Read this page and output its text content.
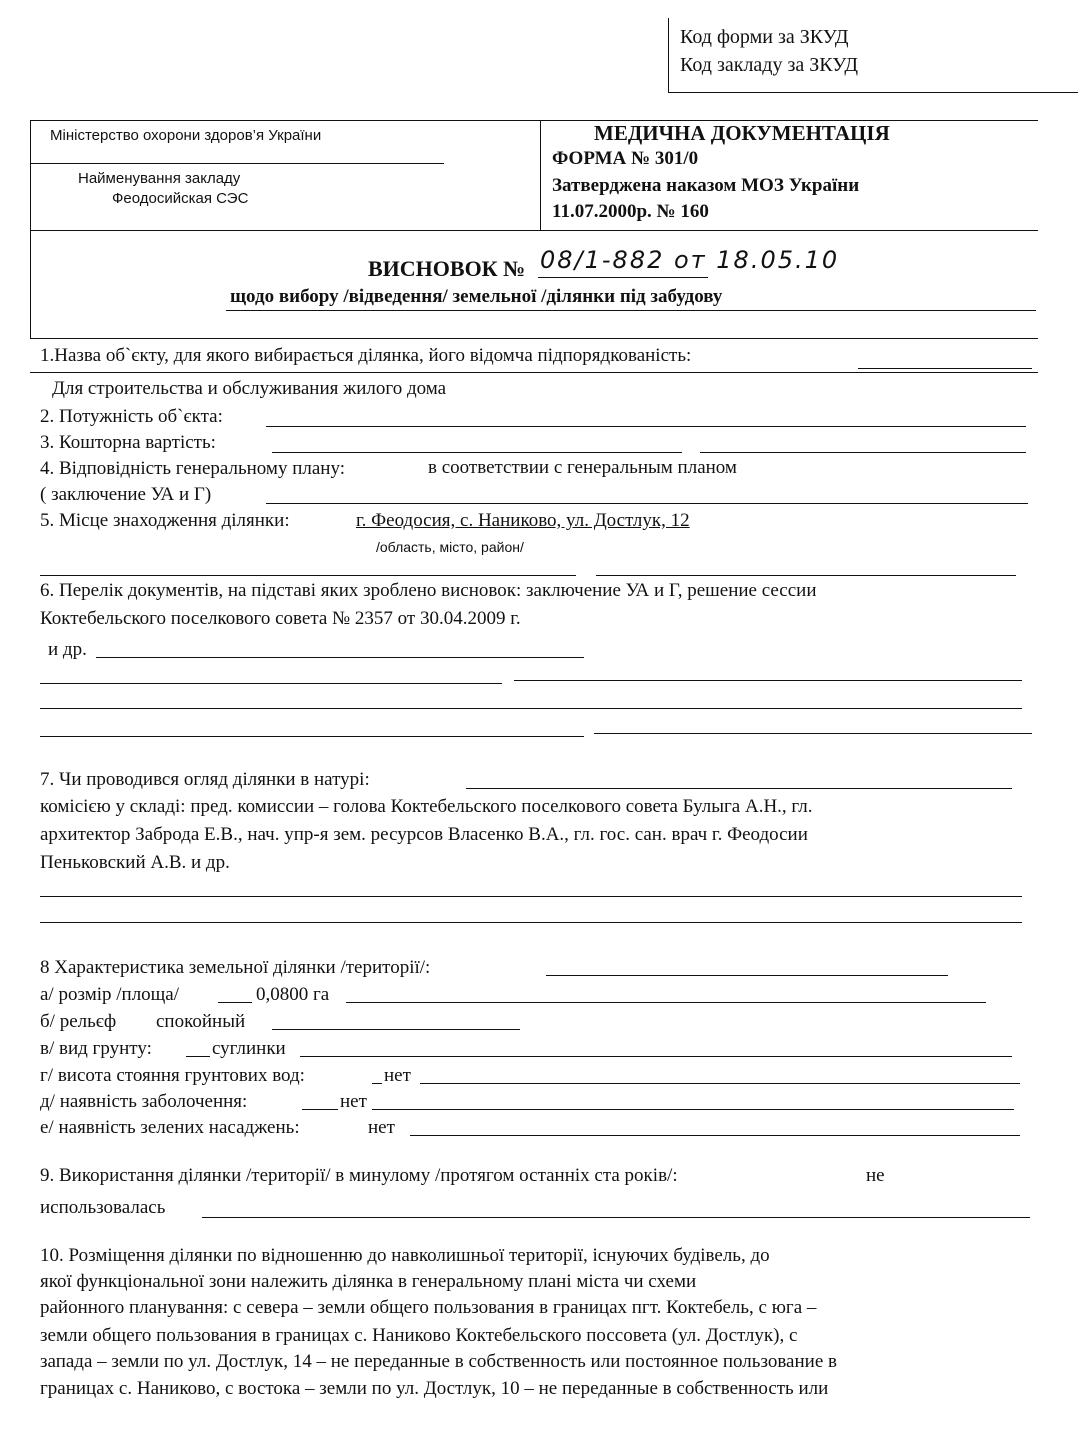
Код форми за ЗКУД
Код закладу за ЗКУД
Міністерство охорони здоров’я України
Найменування закладу
Феодосийская СЭС
МЕДИЧНА ДОКУМЕНТАЦІЯ
ФОРМА № 301/0
Затверджена наказом МОЗ України
11.07.2000р. № 160
ВИСНОВОК № 08/1-882 от 18.05.10
щодо вибору /відведення/ земельної /ділянки під забудову
1.Назва об`єкту, для якого вибирається ділянка, його відомча підпорядкованість:
Для строительства и обслуживания жилого дома
2. Потужність об`єкта:
3. Кошторна вартість:
4. Відповідність генеральному плану:	в соответствии с генеральным планом
( заключение УА и Г)
5. Місце знаходження ділянки:	г. Феодосия, с. Наниково, ул. Достлук, 12
/область, місто, район/
6. Перелік документів, на підставі яких зроблено висновок: заключение УА и Г, решение сессии
Коктебельского поселкового совета № 2357 от 30.04.2009 г.
и др.
7. Чи проводився огляд ділянки в натурі:
комісією у складі: пред. комиссии – голова Коктебельского поселкового совета Булыга А.Н., гл.
архитектор Заброда Е.В., нач. упр-я зем. ресурсов Власенко В.А., гл. гос. сан. врач г. Феодосии
Пеньковский А.В. и др.
8 Характеристика земельної ділянки /території/:
а/ розмір /площа/	0,0800 га
б/ рельєф спокойный
в/ вид грунту:	суглинки
г/ висота стояння грунтових вод:	нет
д/ наявність заболочення:	нет
е/ наявність зелених насаджень:	нет
9. Використання ділянки /території/ в минулому /протягом останніх ста років/:	не
использовалась
10. Розміщення ділянки по відношенню до навколишньої території, існуючих будівель, до
якої функціональної зони належить ділянка в генеральному плані міста чи схеми
районного планування: с севера – земли общего пользования в границах пгт. Коктебель, с юга –
земли общего пользования в границах с. Наниково Коктебельского поссовета (ул. Достлук), с
запада – земли по ул. Достлук, 14 – не переданные в собственность или постоянное пользование в
границах с. Наниково, с востока – земли по ул. Достлук, 10 – не переданные в собственность или
